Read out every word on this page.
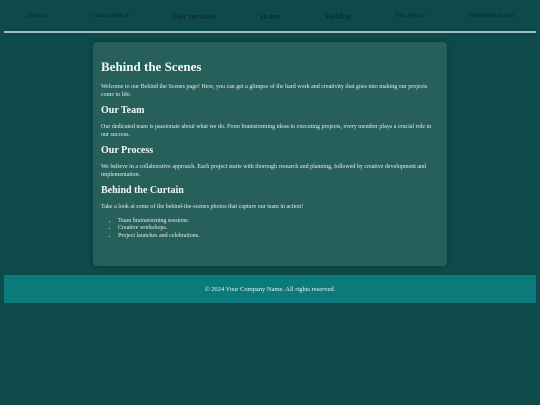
About us	Contact with us	Our services	Home	Weblog	Who We Are	Behind the Scenes
Behind the Scenes

Welcome to our Behind the Scenes page! Here, you can get a glimpse of the hard work and creativity that goes into making our projects come to life.

Our Team

Our dedicated team is passionate about what we do. From brainstorming ideas to executing projects, every member plays a crucial role in our success.

Our Process

We believe in a collaborative approach. Each project starts with thorough research and planning, followed by creative development and implementation.

Behind the Curtain

Take a look at some of the behind-the-scenes photos that capture our team in action!

• Team brainstorming sessions.
• Creative workshops.
• Project launches and celebrations.

© 2024 Your Company Name. All rights reserved.
